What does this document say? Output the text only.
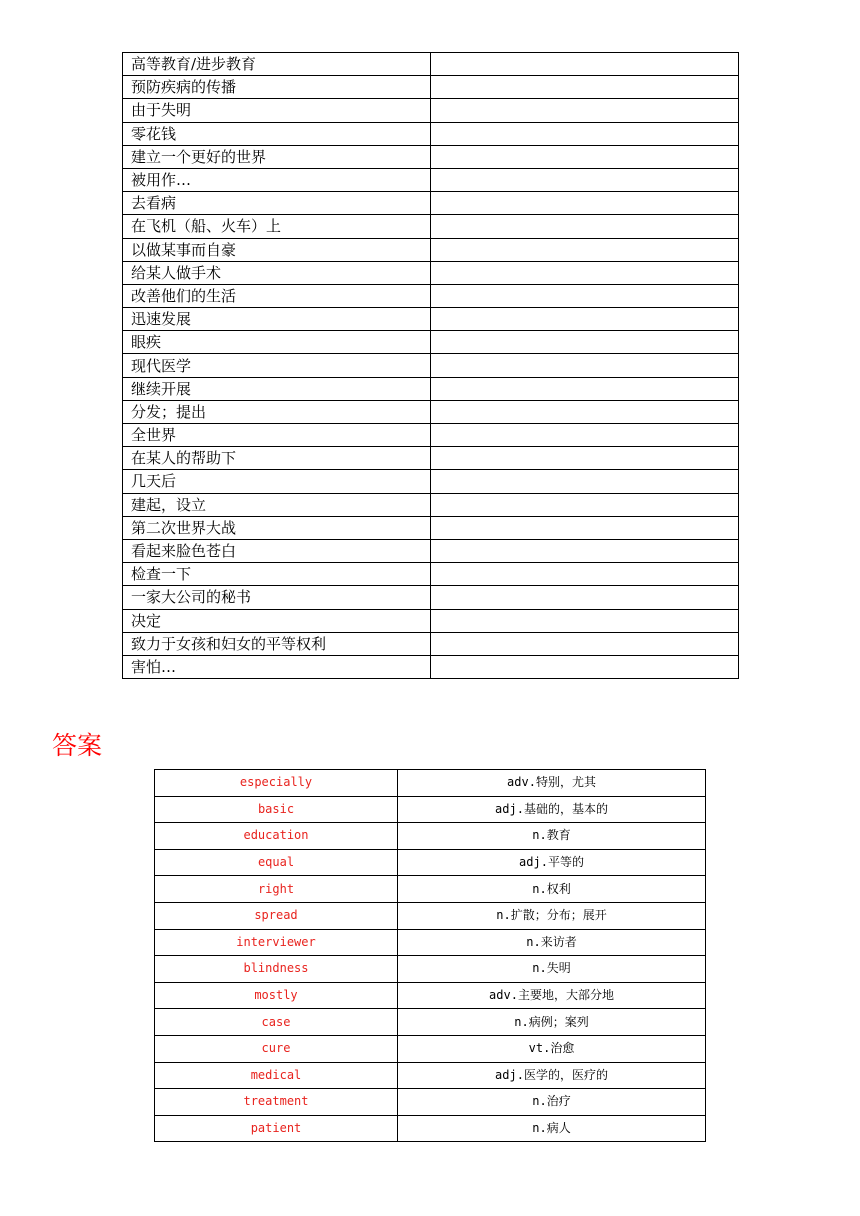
高等教育/进步教育	
预防疾病的传播	
由于失明	
零花钱	
建立一个更好的世界	
被用作…	
去看病	
在飞机（船、火车）上	
以做某事而自豪	
给某人做手术	
改善他们的生活	
迅速发展	
眼疾	
现代医学	
继续开展	
分发；提出	
全世界	
在某人的帮助下	
几天后	
建起，设立	
第二次世界大战	
看起来脸色苍白	
检查一下	
一家大公司的秘书	
决定	
致力于女孩和妇女的平等权利	
害怕…	
答案
especially	adv.特别，尤其
basic	adj.基础的，基本的
education	n.教育
equal	adj.平等的
right	n.权利
spread	n.扩散；分布；展开
interviewer	n.来访者
blindness	n.失明
mostly	adv.主要地，大部分地
case	n.病例；案列
cure	vt.治愈
medical	adj.医学的，医疗的
treatment	n.治疗
patient	n.病人
